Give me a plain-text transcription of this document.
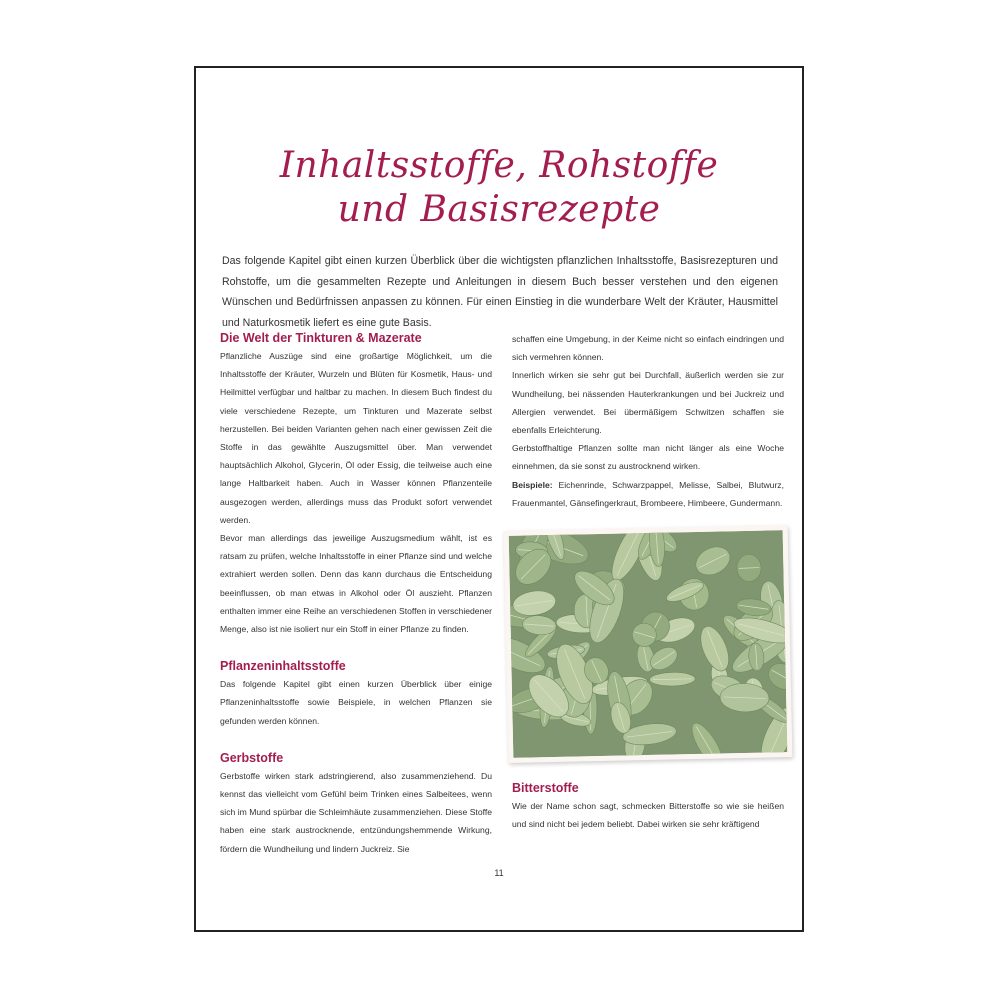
Inhaltsstoffe, Rohstoffe
und Basisrezepte

Das folgende Kapitel gibt einen kurzen Überblick über die wichtigsten pflanzlichen Inhaltsstoffe, Basisrezepturen und Rohstoffe, um die gesammelten Rezepte und Anleitungen in diesem Buch besser verstehen und den eigenen Wünschen und Bedürfnissen anpassen zu können. Für einen Einstieg in die wunderbare Welt der Kräuter, Hausmittel und Naturkosmetik liefert es eine gute Basis.

Die Welt der Tinkturen & Mazerate

Pflanzliche Auszüge sind eine großartige Möglichkeit, um die Inhaltsstoffe der Kräuter, Wurzeln und Blüten für Kosmetik, Haus- und Heilmittel verfügbar und haltbar zu machen. In diesem Buch findest du viele verschiedene Rezepte, um Tinkturen und Mazerate selbst herzustellen. Bei beiden Varianten gehen nach einer gewissen Zeit die Stoffe in das gewählte Auszugsmittel über. Man verwendet hauptsächlich Alkohol, Glycerin, Öl oder Essig, die teilweise auch eine lange Haltbarkeit haben. Auch in Wasser können Pflanzenteile ausgezogen werden, allerdings muss das Produkt sofort verwendet werden.

Bevor man allerdings das jeweilige Auszugsmedium wählt, ist es ratsam zu prüfen, welche Inhaltsstoffe in einer Pflanze sind und welche extrahiert werden sollen. Denn das kann durchaus die Entscheidung beeinflussen, ob man etwas in Alkohol oder Öl auszieht. Pflanzen enthalten immer eine Reihe an verschiedenen Stoffen in verschiedener Menge, also ist nie isoliert nur ein Stoff in einer Pflanze zu finden.

Pflanzeninhaltsstoffe

Das folgende Kapitel gibt einen kurzen Überblick über einige Pflanzeninhaltsstoffe sowie Beispiele, in welchen Pflanzen sie gefunden werden können.

Gerbstoffe

Gerbstoffe wirken stark adstringierend, also zusammenziehend. Du kennst das vielleicht vom Gefühl beim Trinken eines Salbeitees, wenn sich im Mund spürbar die Schleimhäute zusammenziehen. Diese Stoffe haben eine stark austrocknende, entzündungshemmende Wirkung, fördern die Wundheilung und lindern Juckreiz. Sie

schaffen eine Umgebung, in der Keime nicht so einfach eindringen und sich vermehren können.

Innerlich wirken sie sehr gut bei Durchfall, äußerlich werden sie zur Wundheilung, bei nässenden Hauterkrankungen und bei Juckreiz und Allergien verwendet. Bei übermäßigem Schwitzen schaffen sie ebenfalls Erleichterung.

Gerbstoffhaltige Pflanzen sollte man nicht länger als eine Woche einnehmen, da sie sonst zu austrocknend wirken.

Beispiele: Eichenrinde, Schwarzpappel, Melisse, Salbei, Blutwurz, Frauenmantel, Gänsefingerkraut, Brombeere, Himbeere, Gundermann.

Bitterstoffe

Wie der Name schon sagt, schmecken Bitterstoffe so wie sie heißen und sind nicht bei jedem beliebt. Dabei wirken sie sehr kräftigend

11
